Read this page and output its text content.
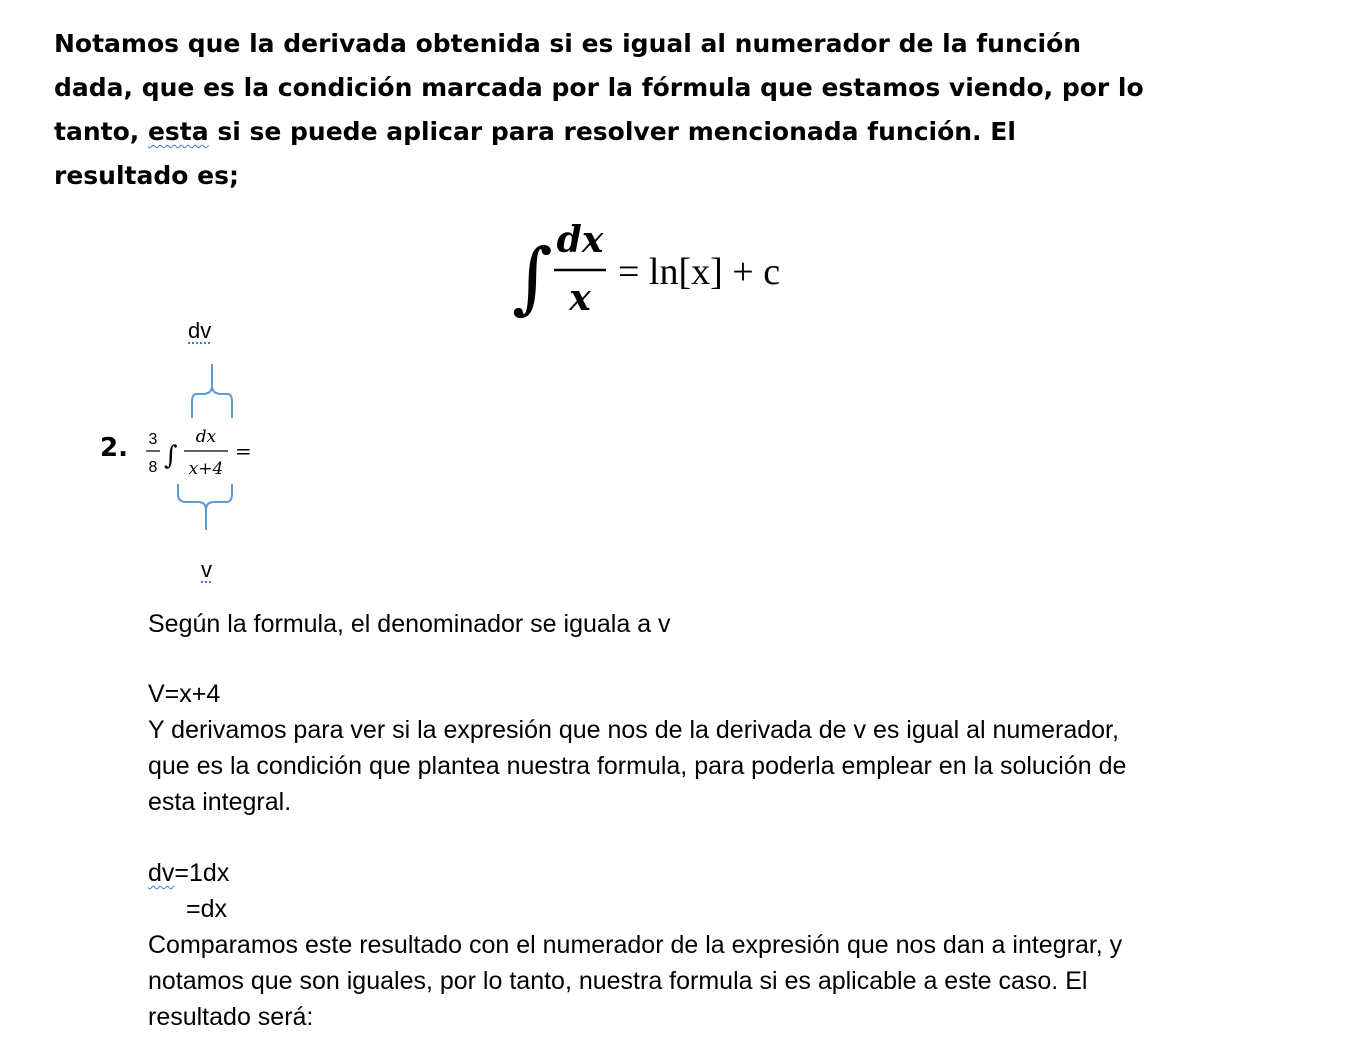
Notamos que la derivada obtenida si es igual al numerador de la función
dada, que es la condición marcada por la fórmula que estamos viendo, por lo
tanto, esta si se puede aplicar para resolver mencionada función. El
resultado es;

∫ dx
x
= ln[x] + c
dv
2. 3
8 ∫
dx
x+4
=
v

Según la formula, el denominador se iguala a v

V=x+4

Y derivamos para ver si la expresión que nos de la derivada de v es igual al numerador,
que es la condición que plantea nuestra formula, para poderla emplear en la solución de
esta integral.

dv=1dx

=dx

Comparamos este resultado con el numerador de la expresión que nos dan a integrar, y
notamos que son iguales, por lo tanto, nuestra formula si es aplicable a este caso. El
resultado será:
